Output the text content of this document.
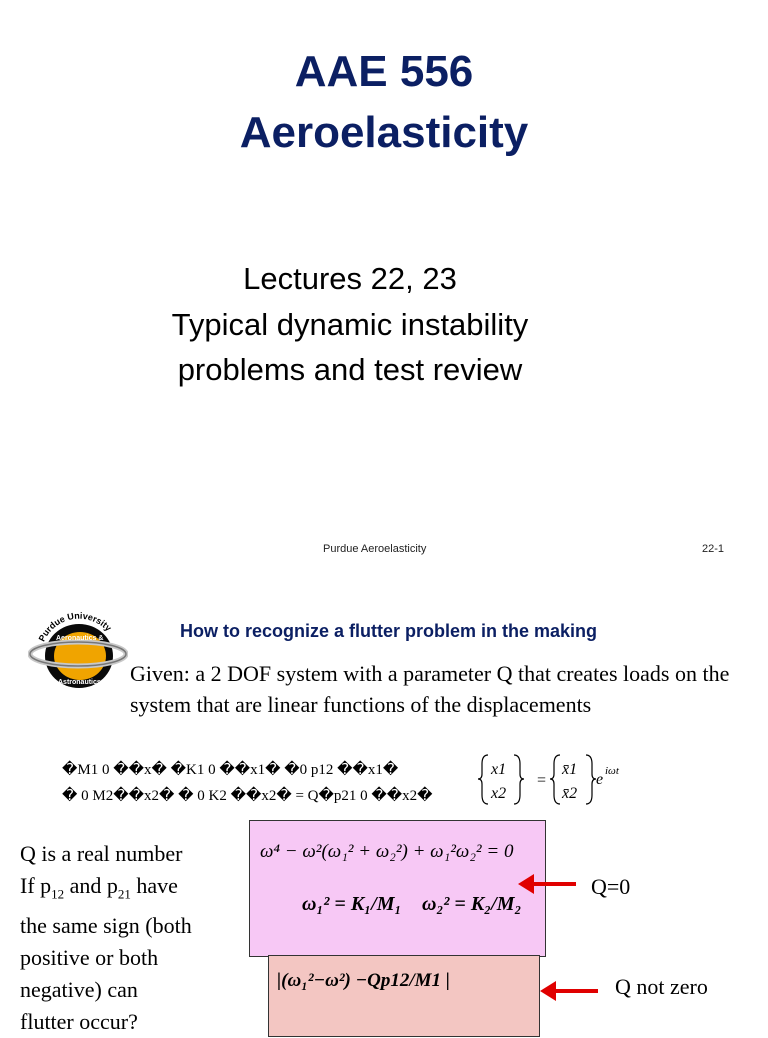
AAE 556
Aeroelasticity
Lectures 22, 23
Typical dynamic instability
problems and test review
Purdue Aeroelasticity	22-1
Purdue University
Aeronautics &
Astronautics
How to recognize a flutter problem in the making
Given: a 2 DOF system with a parameter Q that creates loads on the system that are linear functions of the displacements
�M1 0 ��x� �K1 0 ��x1� �0 p12 ��x1�
� 0 M2��x2� � 0 K2 ��x2� = Q�p21 0 ��x2�
=
x1
x2
x̄1
x̄2
e iωt
Q is a real number
If $p_{12}$ and $p_{21}$ have
the same sign (both
positive or both
negative) can
flutter occur?
ω⁴ − ω²(ω₁² + ω₂²) + ω₁²ω₂² = 0
ω₁² = K₁/M₁ ω₂² = K₂/M₂
|(ω₁²−ω²) −Qp12/M1 |
Q=0
Q not zero
